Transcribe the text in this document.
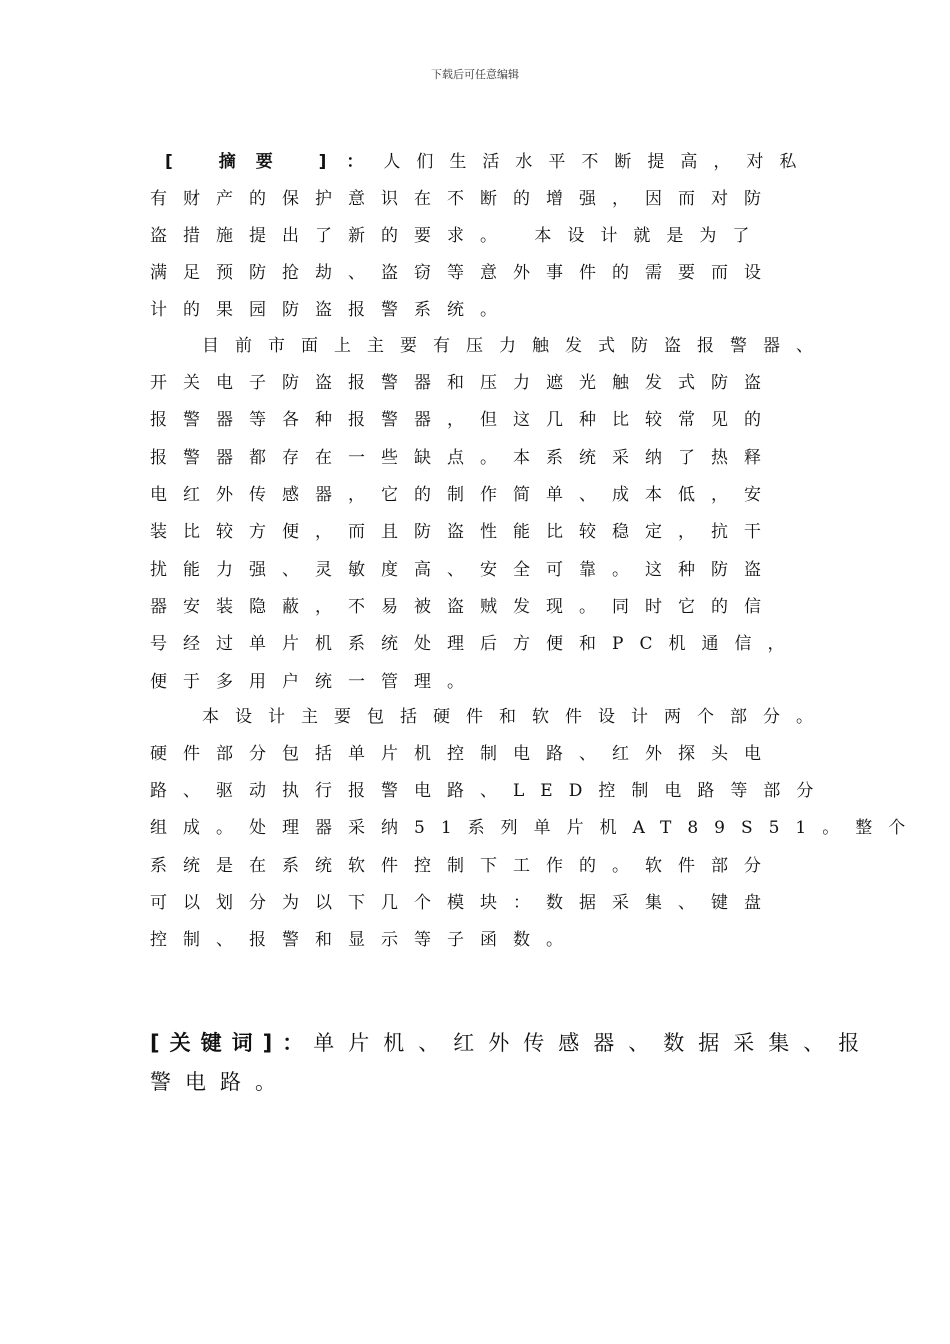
下载后可任意编辑
[ 摘要 ]：人们生活水平不断提高，对私
有财产的保护意识在不断的增强，因而对防
盗措施提出了新的要求。 本设计就是为了
满足预防抢劫、盗窃等意外事件的需要而设
计的果园防盗报警系统。
目前市面上主要有压力触发式防盗报警器、
开关电子防盗报警器和压力遮光触发式防盗
报警器等各种报警器，但这几种比较常见的
报警器都存在一些缺点。本系统采纳了热释
电红外传感器，它的制作简单、成本低，安
装比较方便，而且防盗性能比较稳定，抗干
扰能力强、灵敏度高、安全可靠。这种防盗
器安装隐蔽，不易被盗贼发现。同时它的信
号经过单片机系统处理后方便和PC机通信，
便于多用户统一管理。
本设计主要包括硬件和软件设计两个部分。
硬件部分包括单片机控制电路、红外探头电
路、驱动执行报警电路、LED控制电路等部分
组成。处理器采纳51系列单片机AT89S51。整个
系统是在系统软件控制下工作的。软件部分
可以划分为以下几个模块：数据采集、键盘
控制、报警和显示等子函数。
[关键词]：单片机、红外传感器、数据采集、报
警电路。
